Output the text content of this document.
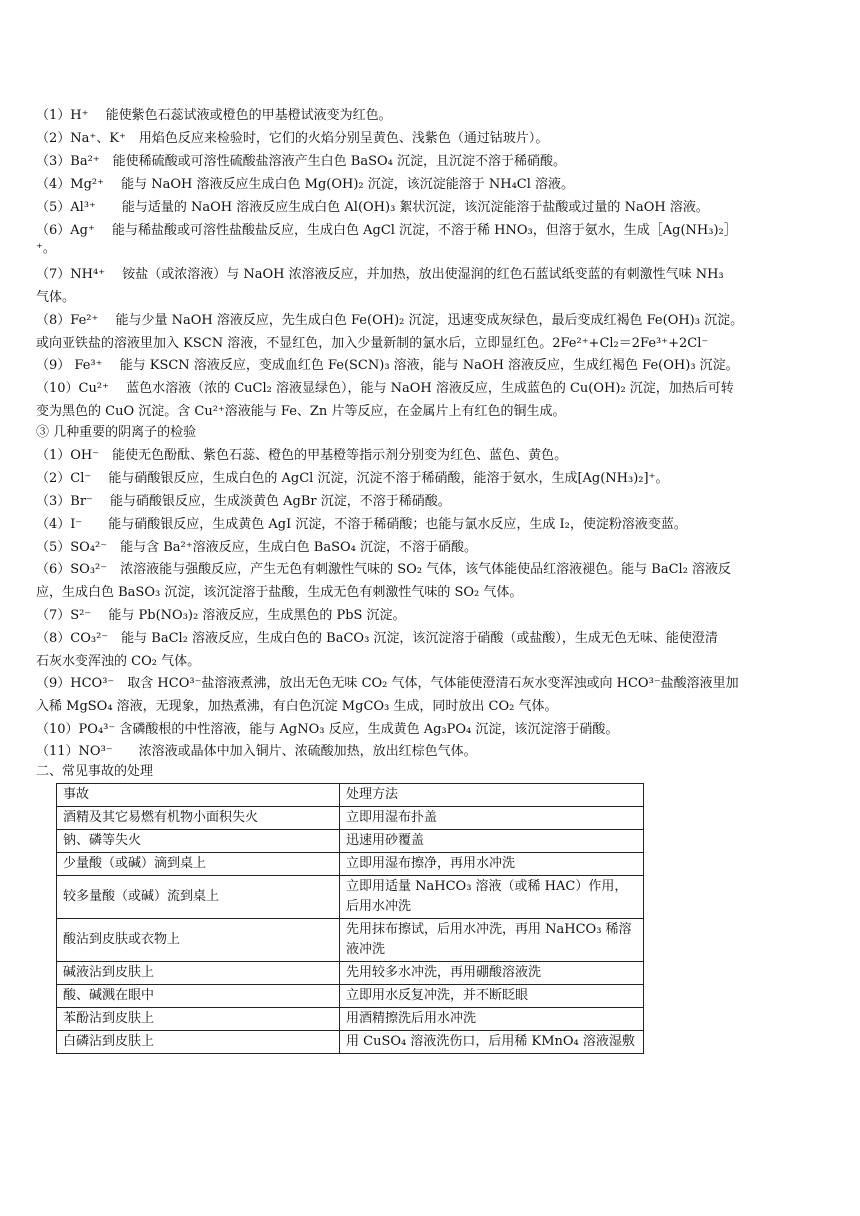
（1）H⁺　 能使紫色石蕊试液或橙色的甲基橙试液变为红色。
（2）Na⁺、K⁺　用焰色反应来检验时，它们的火焰分别呈黄色、浅紫色（通过钴玻片）。
（3）Ba²⁺　能使稀硫酸或可溶性硫酸盐溶液产生白色 BaSO₄ 沉淀，且沉淀不溶于稀硝酸。
（4）Mg²⁺　 能与 NaOH 溶液反应生成白色 Mg(OH)₂ 沉淀，该沉淀能溶于 NH₄Cl 溶液。
（5）Al³⁺　　能与适量的 NaOH 溶液反应生成白色 Al(OH)₃ 絮状沉淀，该沉淀能溶于盐酸或过量的 NaOH 溶液。
（6）Ag⁺　 能与稀盐酸或可溶性盐酸盐反应，生成白色 AgCl 沉淀，不溶于稀 HNO₃，但溶于氨水，生成［Ag(NH₃)₂］
⁺。
（7）NH⁴⁺　 铵盐（或浓溶液）与 NaOH 浓溶液反应，并加热，放出使湿润的红色石蓝试纸变蓝的有刺激性气味 NH₃
气体。
（8）Fe²⁺　 能与少量 NaOH 溶液反应，先生成白色 Fe(OH)₂ 沉淀，迅速变成灰绿色，最后变成红褐色 Fe(OH)₃ 沉淀。
或向亚铁盐的溶液里加入 KSCN 溶液，不显红色，加入少量新制的氯水后，立即显红色。2Fe²⁺+Cl₂＝2Fe³⁺+2Cl⁻
（9） Fe³⁺　 能与 KSCN 溶液反应，变成血红色 Fe(SCN)₃ 溶液，能与 NaOH 溶液反应，生成红褐色 Fe(OH)₃ 沉淀。
（10）Cu²⁺　 蓝色水溶液（浓的 CuCl₂ 溶液显绿色），能与 NaOH 溶液反应，生成蓝色的 Cu(OH)₂ 沉淀，加热后可转
变为黑色的 CuO 沉淀。含 Cu²⁺溶液能与 Fe、Zn 片等反应，在金属片上有红色的铜生成。
③ 几种重要的阴离子的检验
（1）OH⁻　能使无色酚酞、紫色石蕊、橙色的甲基橙等指示剂分别变为红色、蓝色、黄色。
（2）Cl⁻　 能与硝酸银反应，生成白色的 AgCl 沉淀，沉淀不溶于稀硝酸，能溶于氨水，生成[Ag(NH₃)₂]⁺。
（3）Br⁻　 能与硝酸银反应，生成淡黄色 AgBr 沉淀，不溶于稀硝酸。
（4）I⁻　　能与硝酸银反应，生成黄色 AgI 沉淀，不溶于稀硝酸；也能与氯水反应，生成 I₂，使淀粉溶液变蓝。
（5）SO₄²⁻　能与含 Ba²⁺溶液反应，生成白色 BaSO₄ 沉淀，不溶于硝酸。
（6）SO₃²⁻　浓溶液能与强酸反应，产生无色有刺激性气味的 SO₂ 气体，该气体能使品红溶液褪色。能与 BaCl₂ 溶液反
应，生成白色 BaSO₃ 沉淀，该沉淀溶于盐酸，生成无色有刺激性气味的 SO₂ 气体。
（7）S²⁻　 能与 Pb(NO₃)₂ 溶液反应，生成黑色的 PbS 沉淀。
（8）CO₃²⁻　能与 BaCl₂ 溶液反应，生成白色的 BaCO₃ 沉淀，该沉淀溶于硝酸（或盐酸），生成无色无味、能使澄清
石灰水变浑浊的 CO₂ 气体。
（9）HCO³⁻　取含 HCO³⁻盐溶液煮沸，放出无色无味 CO₂ 气体，气体能使澄清石灰水变浑浊或向 HCO³⁻盐酸溶液里加
入稀 MgSO₄ 溶液，无现象，加热煮沸，有白色沉淀 MgCO₃ 生成，同时放出 CO₂ 气体。
（10）PO₄³⁻ 含磷酸根的中性溶液，能与 AgNO₃ 反应，生成黄色 Ag₃PO₄ 沉淀，该沉淀溶于硝酸。
（11）NO³⁻　　浓溶液或晶体中加入铜片、浓硫酸加热，放出红棕色气体。
二、常见事故的处理
事故	处理方法
酒精及其它易燃有机物小面积失火	立即用湿布扑盖
钠、磷等失火	迅速用砂覆盖
少量酸（或碱）滴到桌上	立即用湿布擦净，再用水冲洗
较多量酸（或碱）流到桌上	立即用适量 NaHCO₃ 溶液（或稀 HAC）作用，后用水冲洗
酸沾到皮肤或衣物上	先用抹布擦试，后用水冲洗，再用 NaHCO₃ 稀溶液冲洗
碱液沾到皮肤上	先用较多水冲洗，再用硼酸溶液洗
酸、碱溅在眼中	立即用水反复冲洗，并不断眨眼
苯酚沾到皮肤上	用酒精擦洗后用水冲洗
白磷沾到皮肤上	用 CuSO₄ 溶液洗伤口，后用稀 KMnO₄ 溶液湿敷
